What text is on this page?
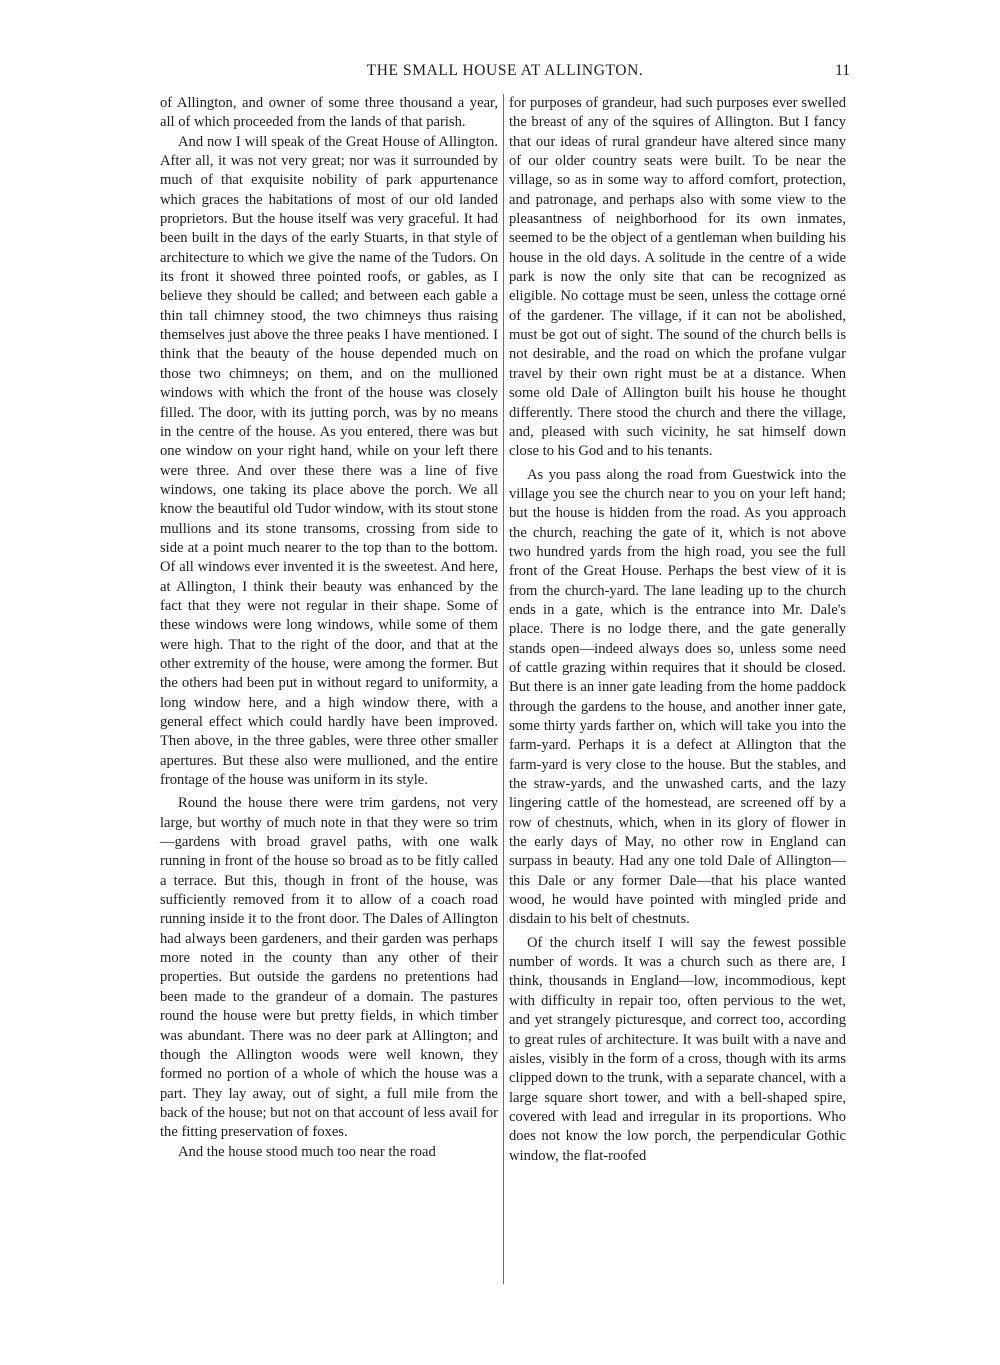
THE SMALL HOUSE AT ALLINGTON.	11

of Allington, and owner of some three thousand a year, all of which proceeded from the lands of that parish.

And now I will speak of the Great House of Allington. After all, it was not very great; nor was it surrounded by much of that exquisite nobility of park appurtenance which graces the habitations of most of our old landed proprietors. But the house itself was very graceful. It had been built in the days of the early Stuarts, in that style of architecture to which we give the name of the Tudors. On its front it showed three pointed roofs, or gables, as I believe they should be called; and between each gable a thin tall chimney stood, the two chimneys thus raising themselves just above the three peaks I have mentioned. I think that the beauty of the house depended much on those two chimneys; on them, and on the mullioned windows with which the front of the house was closely filled. The door, with its jutting porch, was by no means in the centre of the house. As you entered, there was but one window on your right hand, while on your left there were three. And over these there was a line of five windows, one taking its place above the porch. We all know the beautiful old Tudor window, with its stout stone mullions and its stone transoms, crossing from side to side at a point much nearer to the top than to the bottom. Of all windows ever invented it is the sweetest. And here, at Allington, I think their beauty was enhanced by the fact that they were not regular in their shape. Some of these windows were long windows, while some of them were high. That to the right of the door, and that at the other extremity of the house, were among the former. But the others had been put in without regard to uniformity, a long window here, and a high window there, with a general effect which could hardly have been improved. Then above, in the three gables, were three other smaller apertures. But these also were mullioned, and the entire frontage of the house was uniform in its style.

Round the house there were trim gardens, not very large, but worthy of much note in that they were so trim—gardens with broad gravel paths, with one walk running in front of the house so broad as to be fitly called a terrace. But this, though in front of the house, was sufficiently removed from it to allow of a coach road running inside it to the front door. The Dales of Allington had always been gardeners, and their garden was perhaps more noted in the county than any other of their properties. But outside the gardens no pretentions had been made to the grandeur of a domain. The pastures round the house were but pretty fields, in which timber was abundant. There was no deer park at Allington; and though the Allington woods were well known, they formed no portion of a whole of which the house was a part. They lay away, out of sight, a full mile from the back of the house; but not on that account of less avail for the fitting preservation of foxes.

And the house stood much too near the road

for purposes of grandeur, had such purposes ever swelled the breast of any of the squires of Allington. But I fancy that our ideas of rural grandeur have altered since many of our older country seats were built. To be near the village, so as in some way to afford comfort, protection, and patronage, and perhaps also with some view to the pleasantness of neighborhood for its own inmates, seemed to be the object of a gentleman when building his house in the old days. A solitude in the centre of a wide park is now the only site that can be recognized as eligible. No cottage must be seen, unless the cottage orné of the gardener. The village, if it can not be abolished, must be got out of sight. The sound of the church bells is not desirable, and the road on which the profane vulgar travel by their own right must be at a distance. When some old Dale of Allington built his house he thought differently. There stood the church and there the village, and, pleased with such vicinity, he sat himself down close to his God and to his tenants.

As you pass along the road from Guestwick into the village you see the church near to you on your left hand; but the house is hidden from the road. As you approach the church, reaching the gate of it, which is not above two hundred yards from the high road, you see the full front of the Great House. Perhaps the best view of it is from the church-yard. The lane leading up to the church ends in a gate, which is the entrance into Mr. Dale's place. There is no lodge there, and the gate generally stands open—indeed always does so, unless some need of cattle grazing within requires that it should be closed. But there is an inner gate leading from the home paddock through the gardens to the house, and another inner gate, some thirty yards farther on, which will take you into the farm-yard. Perhaps it is a defect at Allington that the farm-yard is very close to the house. But the stables, and the straw-yards, and the unwashed carts, and the lazy lingering cattle of the homestead, are screened off by a row of chestnuts, which, when in its glory of flower in the early days of May, no other row in England can surpass in beauty. Had any one told Dale of Allington—this Dale or any former Dale—that his place wanted wood, he would have pointed with mingled pride and disdain to his belt of chestnuts.

Of the church itself I will say the fewest possible number of words. It was a church such as there are, I think, thousands in England—low, incommodious, kept with difficulty in repair too, often pervious to the wet, and yet strangely picturesque, and correct too, according to great rules of architecture. It was built with a nave and aisles, visibly in the form of a cross, though with its arms clipped down to the trunk, with a separate chancel, with a large square short tower, and with a bell-shaped spire, covered with lead and irregular in its proportions. Who does not know the low porch, the perpendicular Gothic window, the flat-roofed
